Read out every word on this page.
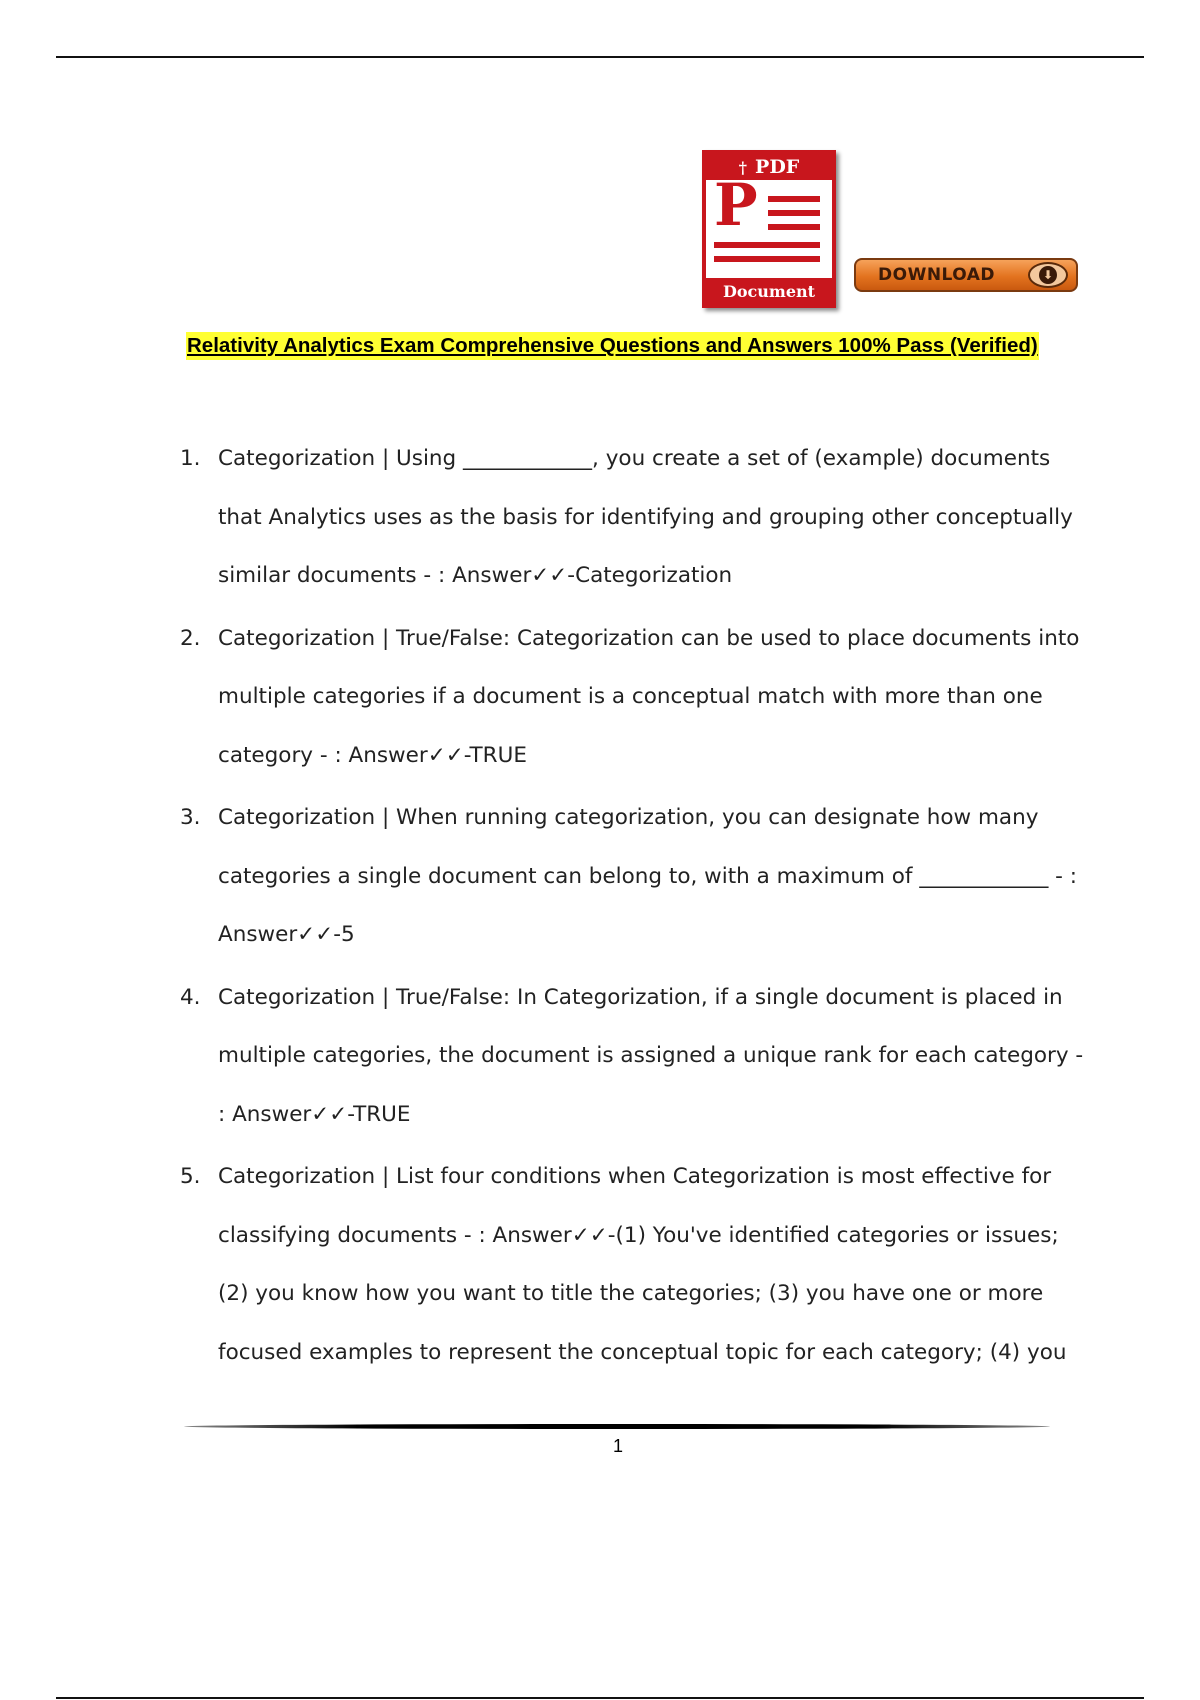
† PDF
P
Document
DOWNLOAD	⬇
Relativity Analytics Exam Comprehensive Questions and Answers 100% Pass (Verified)
1. Categorization | Using ____________, you create a set of (example) documents that Analytics uses as the basis for identifying and grouping other conceptually similar documents - : Answer✓✓-Categorization
2. Categorization | True/False: Categorization can be used to place documents into multiple categories if a document is a conceptual match with more than one category - : Answer✓✓-TRUE
3. Categorization | When running categorization, you can designate how many categories a single document can belong to, with a maximum of ____________ - : Answer✓✓-5
4. Categorization | True/False: In Categorization, if a single document is placed in multiple categories, the document is assigned a unique rank for each category - : Answer✓✓-TRUE
5. Categorization | List four conditions when Categorization is most effective for classifying documents - : Answer✓✓-(1) You've identified categories or issues; (2) you know how you want to title the categories; (3) you have one or more focused examples to represent the conceptual topic for each category; (4) you
1
